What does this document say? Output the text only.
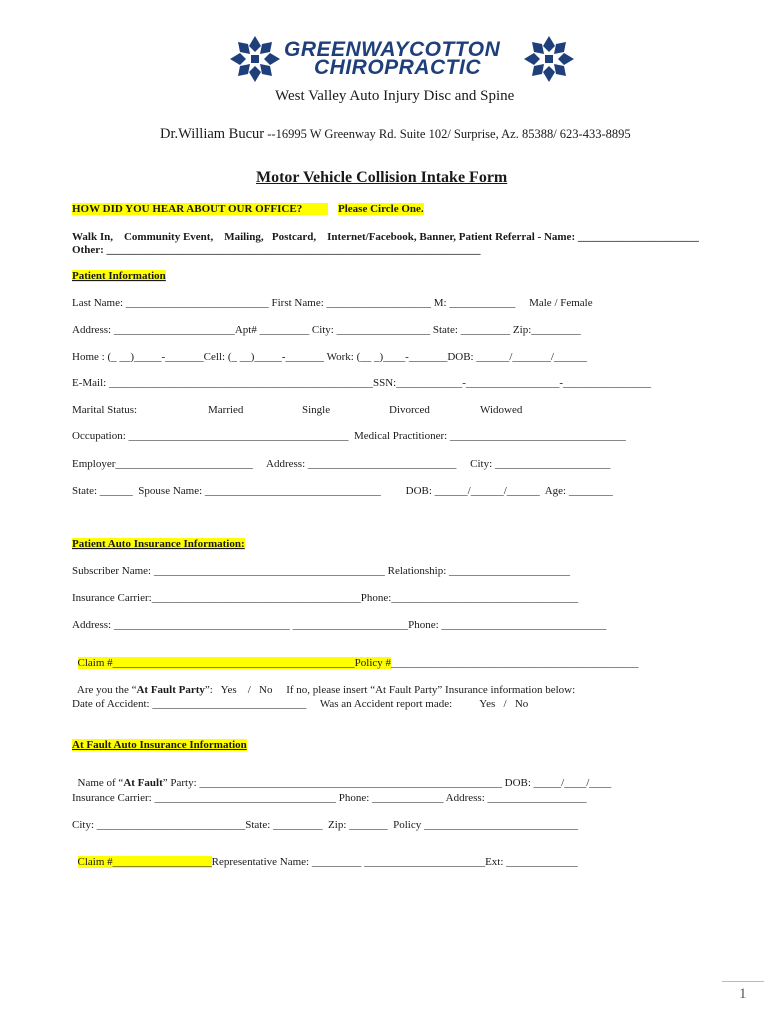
GREENWAYCOTTON
CHIROPRACTIC
West Valley Auto Injury Disc and Spine

Dr.William Bucur --16995 W Greenway Rd. Suite 102/ Surprise, Az. 85388/ 623-433-8895

Motor Vehicle Collision Intake Form
HOW DID YOU HEAR ABOUT OUR OFFICE?	Please Circle One.
Walk In,    Community Event,    Mailing,   Postcard,    Internet/Facebook, Banner, Patient Referral - Name: ______________________
Other: ____________________________________________________________________
Patient Information
Last Name: __________________________ First Name: ___________________ M: ____________     Male / Female
Address: ______________________Apt# _________ City: _________________ State: _________ Zip:_________
Home : (_ __)_____-_______Cell: (_ __)_____-_______ Work: (__ _)____-_______DOB: ______/_______/______
E-Mail: ________________________________________________SSN:____________-_________________-________________
Marital Status:	Married	Single	Divorced	Widowed
Occupation: ________________________________________  Medical Practitioner: ________________________________
Employer_________________________     Address: ___________________________     City: _____________________
State: ______  Spouse Name: ________________________________         DOB: ______/______/______  Age: ________
Patient Auto Insurance Information:
Subscriber Name: __________________________________________ Relationship: ______________________
Insurance Carrier:______________________________________Phone:__________________________________
Address: ________________________________ _____________________Phone: ______________________________

Claim #____________________________________________Policy #_____________________________________________

Are you the “At Fault Party”:   Yes    /   No     If no, please insert “At Fault Party” Insurance information below:

Date of Accident: ____________________________     Was an Accident report made:          Yes   /   No
At Fault Auto Insurance Information

Name of “At Fault” Party: _______________________________________________________ DOB: _____/____/____

Insurance Carrier: _________________________________ Phone: _____________ Address: __________________
City: ___________________________State: _________  Zip: _______  Policy ____________________________

Claim #__________________Representative Name: _________ ______________________Ext: _____________

1
